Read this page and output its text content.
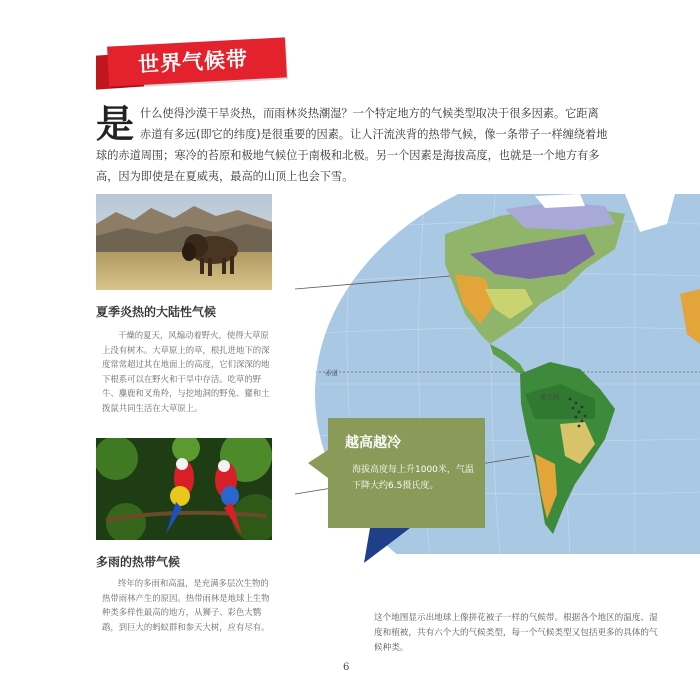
世界气候带
是 什么使得沙漠干旱炎热，而雨林炎热潮湿？一个特定地方的气候类型取决于很多因素。它距离赤道有多远(即它的纬度)是很重要的因素。让人汗流浃背的热带气候，像一条带子一样缠绕着地球的赤道周围；寒冷的苔原和极地气候位于南极和北极。另一个因素是海拔高度，也就是一个地方有多高，因为即使是在夏威夷，最高的山顶上也会下雪。
夏季炎热的大陆性气候
干燥的夏天，风煽动着野火，使得大草原上没有树木。大草原上的草，根扎进地下的深度常常超过其在地面上的高度，它们深深的地下根系可以在野火和干旱中存活。吃草的野牛、麋鹿和叉角羚，与挖地洞的野兔、獾和土拨鼠共同生活在大草原上。
多雨的热带气候
终年的多雨和高温，是充满多层次生物的热带雨林产生的原因。热带雨林是地球上生物种类多样性最高的地方，从狮子、彩色大鹦鹉，到巨大的蚂蚁群和参天大树，应有尽有。
赤道
南美洲
越高越冷
海拔高度每上升1000米，气温下降大约6.5摄氏度。
这个地图显示出地球上像拼花被子一样的气候带。根据各个地区的温度、湿度和植被，共有六个大的气候类型，每一个气候类型又包括更多的具体的气候种类。
6
